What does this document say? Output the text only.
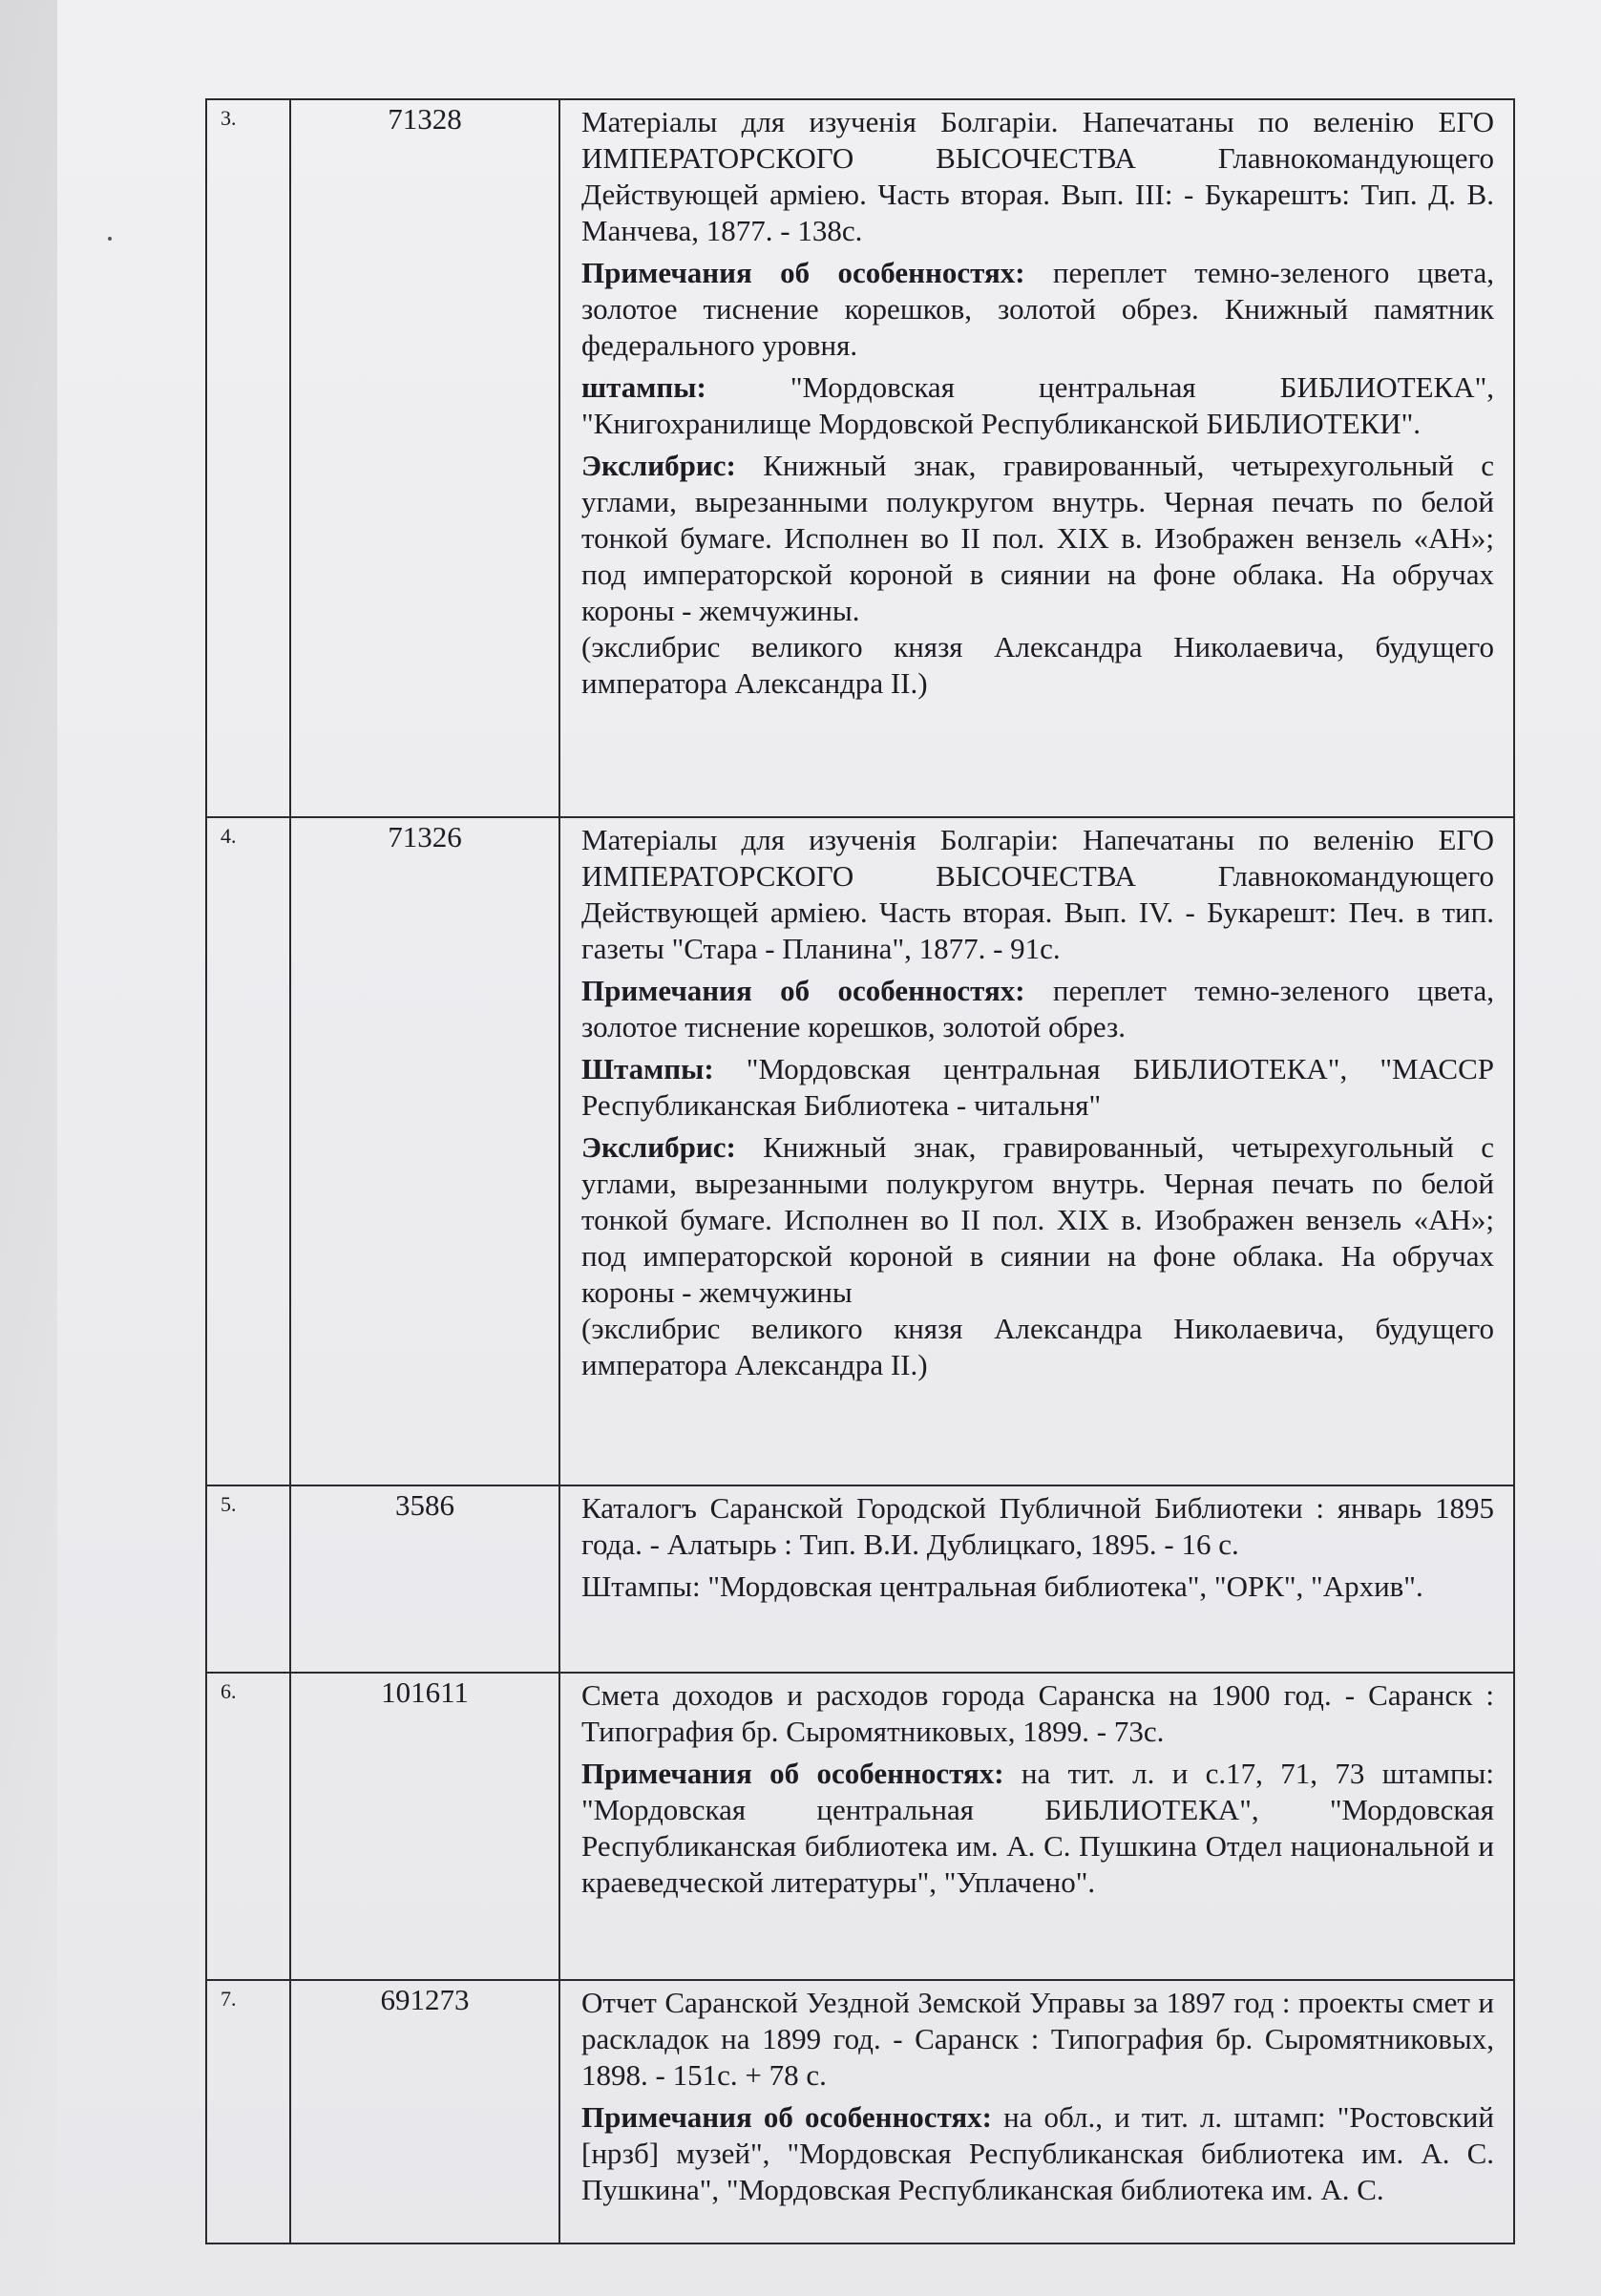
3.	71328	Матеріалы для изученія Болгаріи. Напечатаны по веленію ЕГО ИМПЕРАТОРСКОГО ВЫСОЧЕСТВА Главнокомандующего Действующей арміею. Часть вторая. Вып. III: - Букарештъ: Тип. Д. В. Манчева, 1877. - 138с.

Примечания об особенностях: переплет темно-зеленого цвета, золотое тиснение корешков, золотой обрез. Книжный памятник федерального уровня.

штампы: "Мордовская центральная БИБЛИОТЕКА", "Книгохранилище Мордовской Республиканской БИБЛИОТЕКИ".

Экслибрис: Книжный знак, гравированный, четырехугольный с углами, вырезанными полукругом внутрь. Черная печать по белой тонкой бумаге. Исполнен во II пол. XIX в. Изображен вензель «АН»; под императорской короной в сиянии на фоне облака. На обручах короны - жемчужины.

(экслибрис великого князя Александра Николаевича, будущего императора Александра II.)

4.	71326	Матеріалы для изученія Болгаріи: Напечатаны по веленію ЕГО ИМПЕРАТОРСКОГО ВЫСОЧЕСТВА Главнокомандующего Действующей арміею. Часть вторая. Вып. IV. - Букарешт: Печ. в тип. газеты "Стара - Планина", 1877. - 91с.

Примечания об особенностях: переплет темно-зеленого цвета, золотое тиснение корешков, золотой обрез.

Штампы: "Мордовская центральная БИБЛИОТЕКА", "МАССР Республиканская Библиотека - читальня"

Экслибрис: Книжный знак, гравированный, четырехугольный с углами, вырезанными полукругом внутрь. Черная печать по белой тонкой бумаге. Исполнен во II пол. XIX в. Изображен вензель «АН»; под императорской короной в сиянии на фоне облака. На обручах короны - жемчужины

(экслибрис великого князя Александра Николаевича, будущего императора Александра II.)

5.	3586	Каталогъ Саранской Городской Публичной Библиотеки : январь 1895 года. - Алатырь : Тип. В.И. Дублицкаго, 1895. - 16 с.

Штампы: "Мордовская центральная библиотека", "ОРК", "Архив".

6.	101611	Смета доходов и расходов города Саранска на 1900 год. - Саранск : Типография бр. Сыромятниковых, 1899. - 73с.

Примечания об особенностях: на тит. л. и с.17, 71, 73 штампы: "Мордовская центральная БИБЛИОТЕКА", "Мордовская Республиканская библиотека им. А. С. Пушкина Отдел национальной и краеведческой литературы", "Уплачено".

7.	691273	Отчет Саранской Уездной Земской Управы за 1897 год : проекты смет и раскладок на 1899 год. - Саранск : Типография бр. Сыромятниковых, 1898. - 151с. + 78 с.

Примечания об особенностях: на обл., и тит. л. штамп: "Ростовский [нрзб] музей", "Мордовская Республиканская библиотека им. А. С. Пушкина", "Мордовская Республиканская библиотека им. А. С.
